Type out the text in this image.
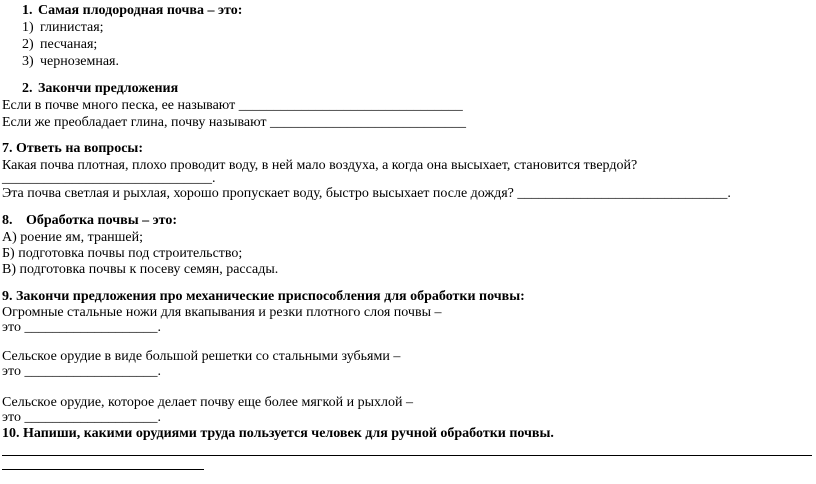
1. Самая плодородная почва – это:
1) глинистая;
2) песчаная;
3) черноземная.
2. Закончи предложения
Если в почве много песка, ее называют ________________________________
Если же преобладает глина, почву называют ____________________________
7. Ответь на вопросы:
Какая почва плотная, плохо проводит воду, в ней мало воздуха, а когда она высыхает, становится твердой?
______________________________.
Эта почва светлая и рыхлая, хорошо пропускает воду, быстро высыхает после дождя? ______________________________.
8. Обработка почвы – это:
А) роение ям, траншей;
Б) подготовка почвы под строительство;
В) подготовка почвы к посеву семян, рассады.
9. Закончи предложения про механические приспособления для обработки почвы:
Огромные стальные ножи для вкапывания и резки плотного слоя почвы –
это ___________________.
Сельское орудие в виде большой решетки со стальными зубьями –
это ___________________.
Сельское орудие, которое делает почву еще более мягкой и рыхлой –
это ___________________.
10. Напиши, какими орудиями труда пользуется человек для ручной обработки почвы.
